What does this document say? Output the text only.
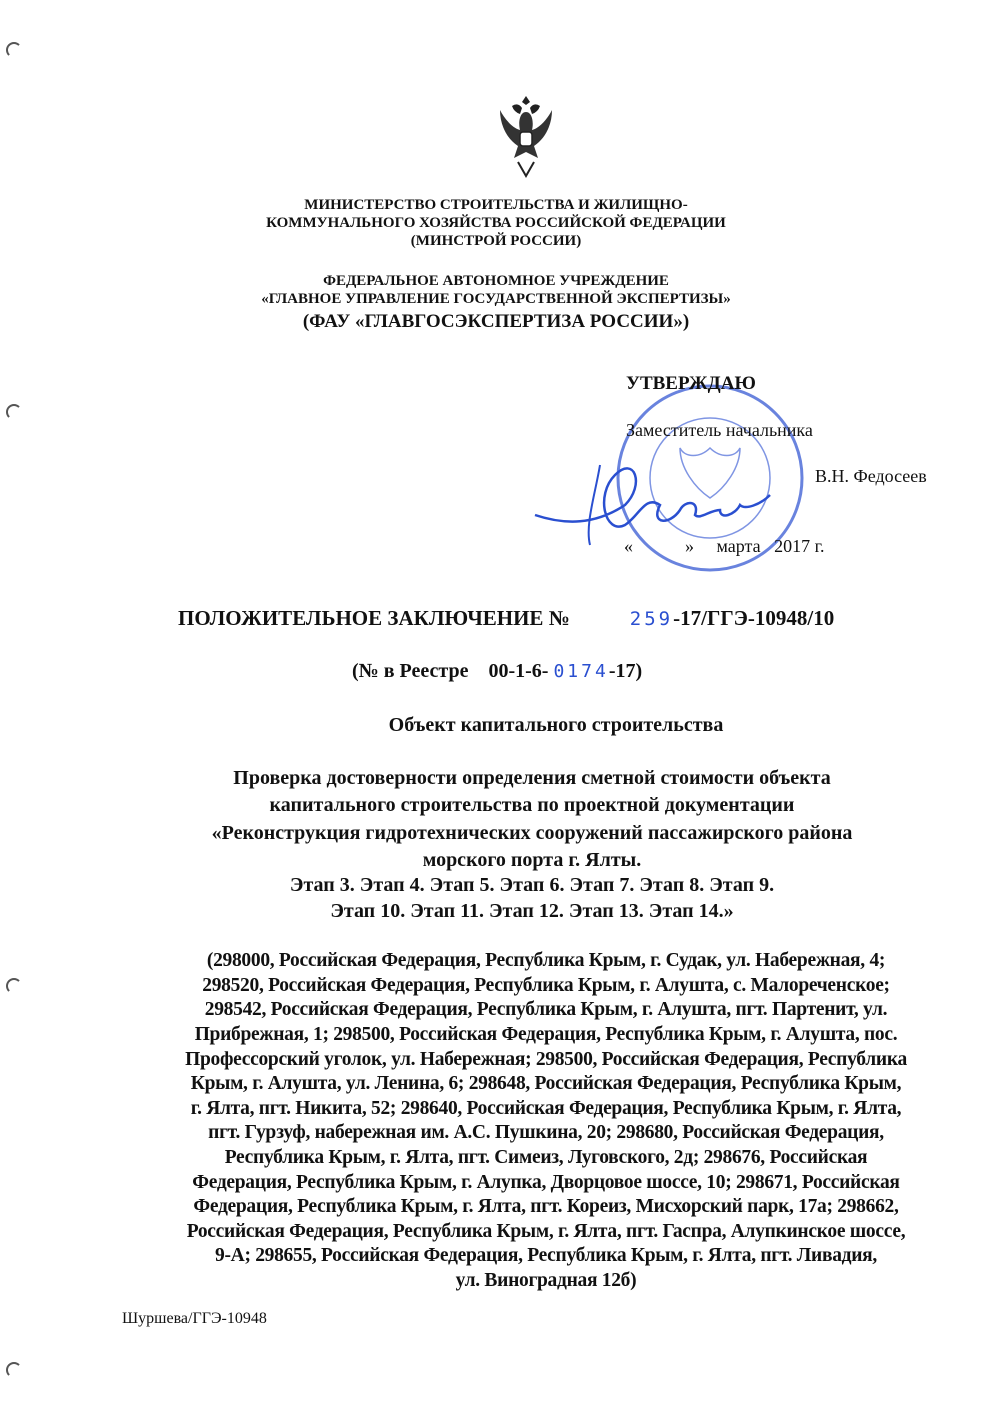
МИНИСТЕРСТВО СТРОИТЕЛЬСТВА И ЖИЛИЩНО-
КОММУНАЛЬНОГО ХОЗЯЙСТВА РОССИЙСКОЙ ФЕДЕРАЦИИ
(МИНСТРОЙ РОССИИ)
ФЕДЕРАЛЬНОЕ АВТОНОМНОЕ УЧРЕЖДЕНИЕ
«ГЛАВНОЕ УПРАВЛЕНИЕ ГОСУДАРСТВЕННОЙ ЭКСПЕРТИЗЫ»
(ФАУ «ГЛАВГОСЭКСПЕРТИЗА РОССИИ»)
УТВЕРЖДАЮ
Заместитель начальника
В.Н. Федосеев
«	» марта 2017 г.
ПОЛОЖИТЕЛЬНОЕ ЗАКЛЮЧЕНИЕ №	259-17/ГГЭ-10948/10
(№ в Реестре 00-1-6- 0174-17)
Объект капитального строительства
Проверка достоверности определения сметной стоимости объекта
капитального строительства по проектной документации
«Реконструкция гидротехнических сооружений пассажирского района
морского порта г. Ялты.
Этап 3. Этап 4. Этап 5. Этап 6. Этап 7. Этап 8. Этап 9.
Этап 10. Этап 11. Этап 12. Этап 13. Этап 14.»
(298000, Российская Федерация, Республика Крым, г. Судак, ул. Набережная, 4;
298520, Российская Федерация, Республика Крым, г. Алушта, с. Малореченское;
298542, Российская Федерация, Республика Крым, г. Алушта, пгт. Партенит, ул.
Прибрежная, 1; 298500, Российская Федерация, Республика Крым, г. Алушта, пос.
Профессорский уголок, ул. Набережная; 298500, Российская Федерация, Республика
Крым, г. Алушта, ул. Ленина, 6; 298648, Российская Федерация, Республика Крым,
г. Ялта, пгт. Никита, 52; 298640, Российская Федерация, Республика Крым, г. Ялта,
пгт. Гурзуф, набережная им. А.С. Пушкина, 20; 298680, Российская Федерация,
Республика Крым, г. Ялта, пгт. Симеиз, Луговского, 2д; 298676, Российская
Федерация, Республика Крым, г. Алупка, Дворцовое шоссе, 10; 298671, Российская
Федерация, Республика Крым, г. Ялта, пгт. Кореиз, Мисхорский парк, 17а; 298662,
Российская Федерация, Республика Крым, г. Ялта, пгт. Гаспра, Алупкинское шоссе,
9-А; 298655, Российская Федерация, Республика Крым, г. Ялта, пгт. Ливадия,
ул. Виноградная 12б)
Шуршева/ГГЭ-10948
